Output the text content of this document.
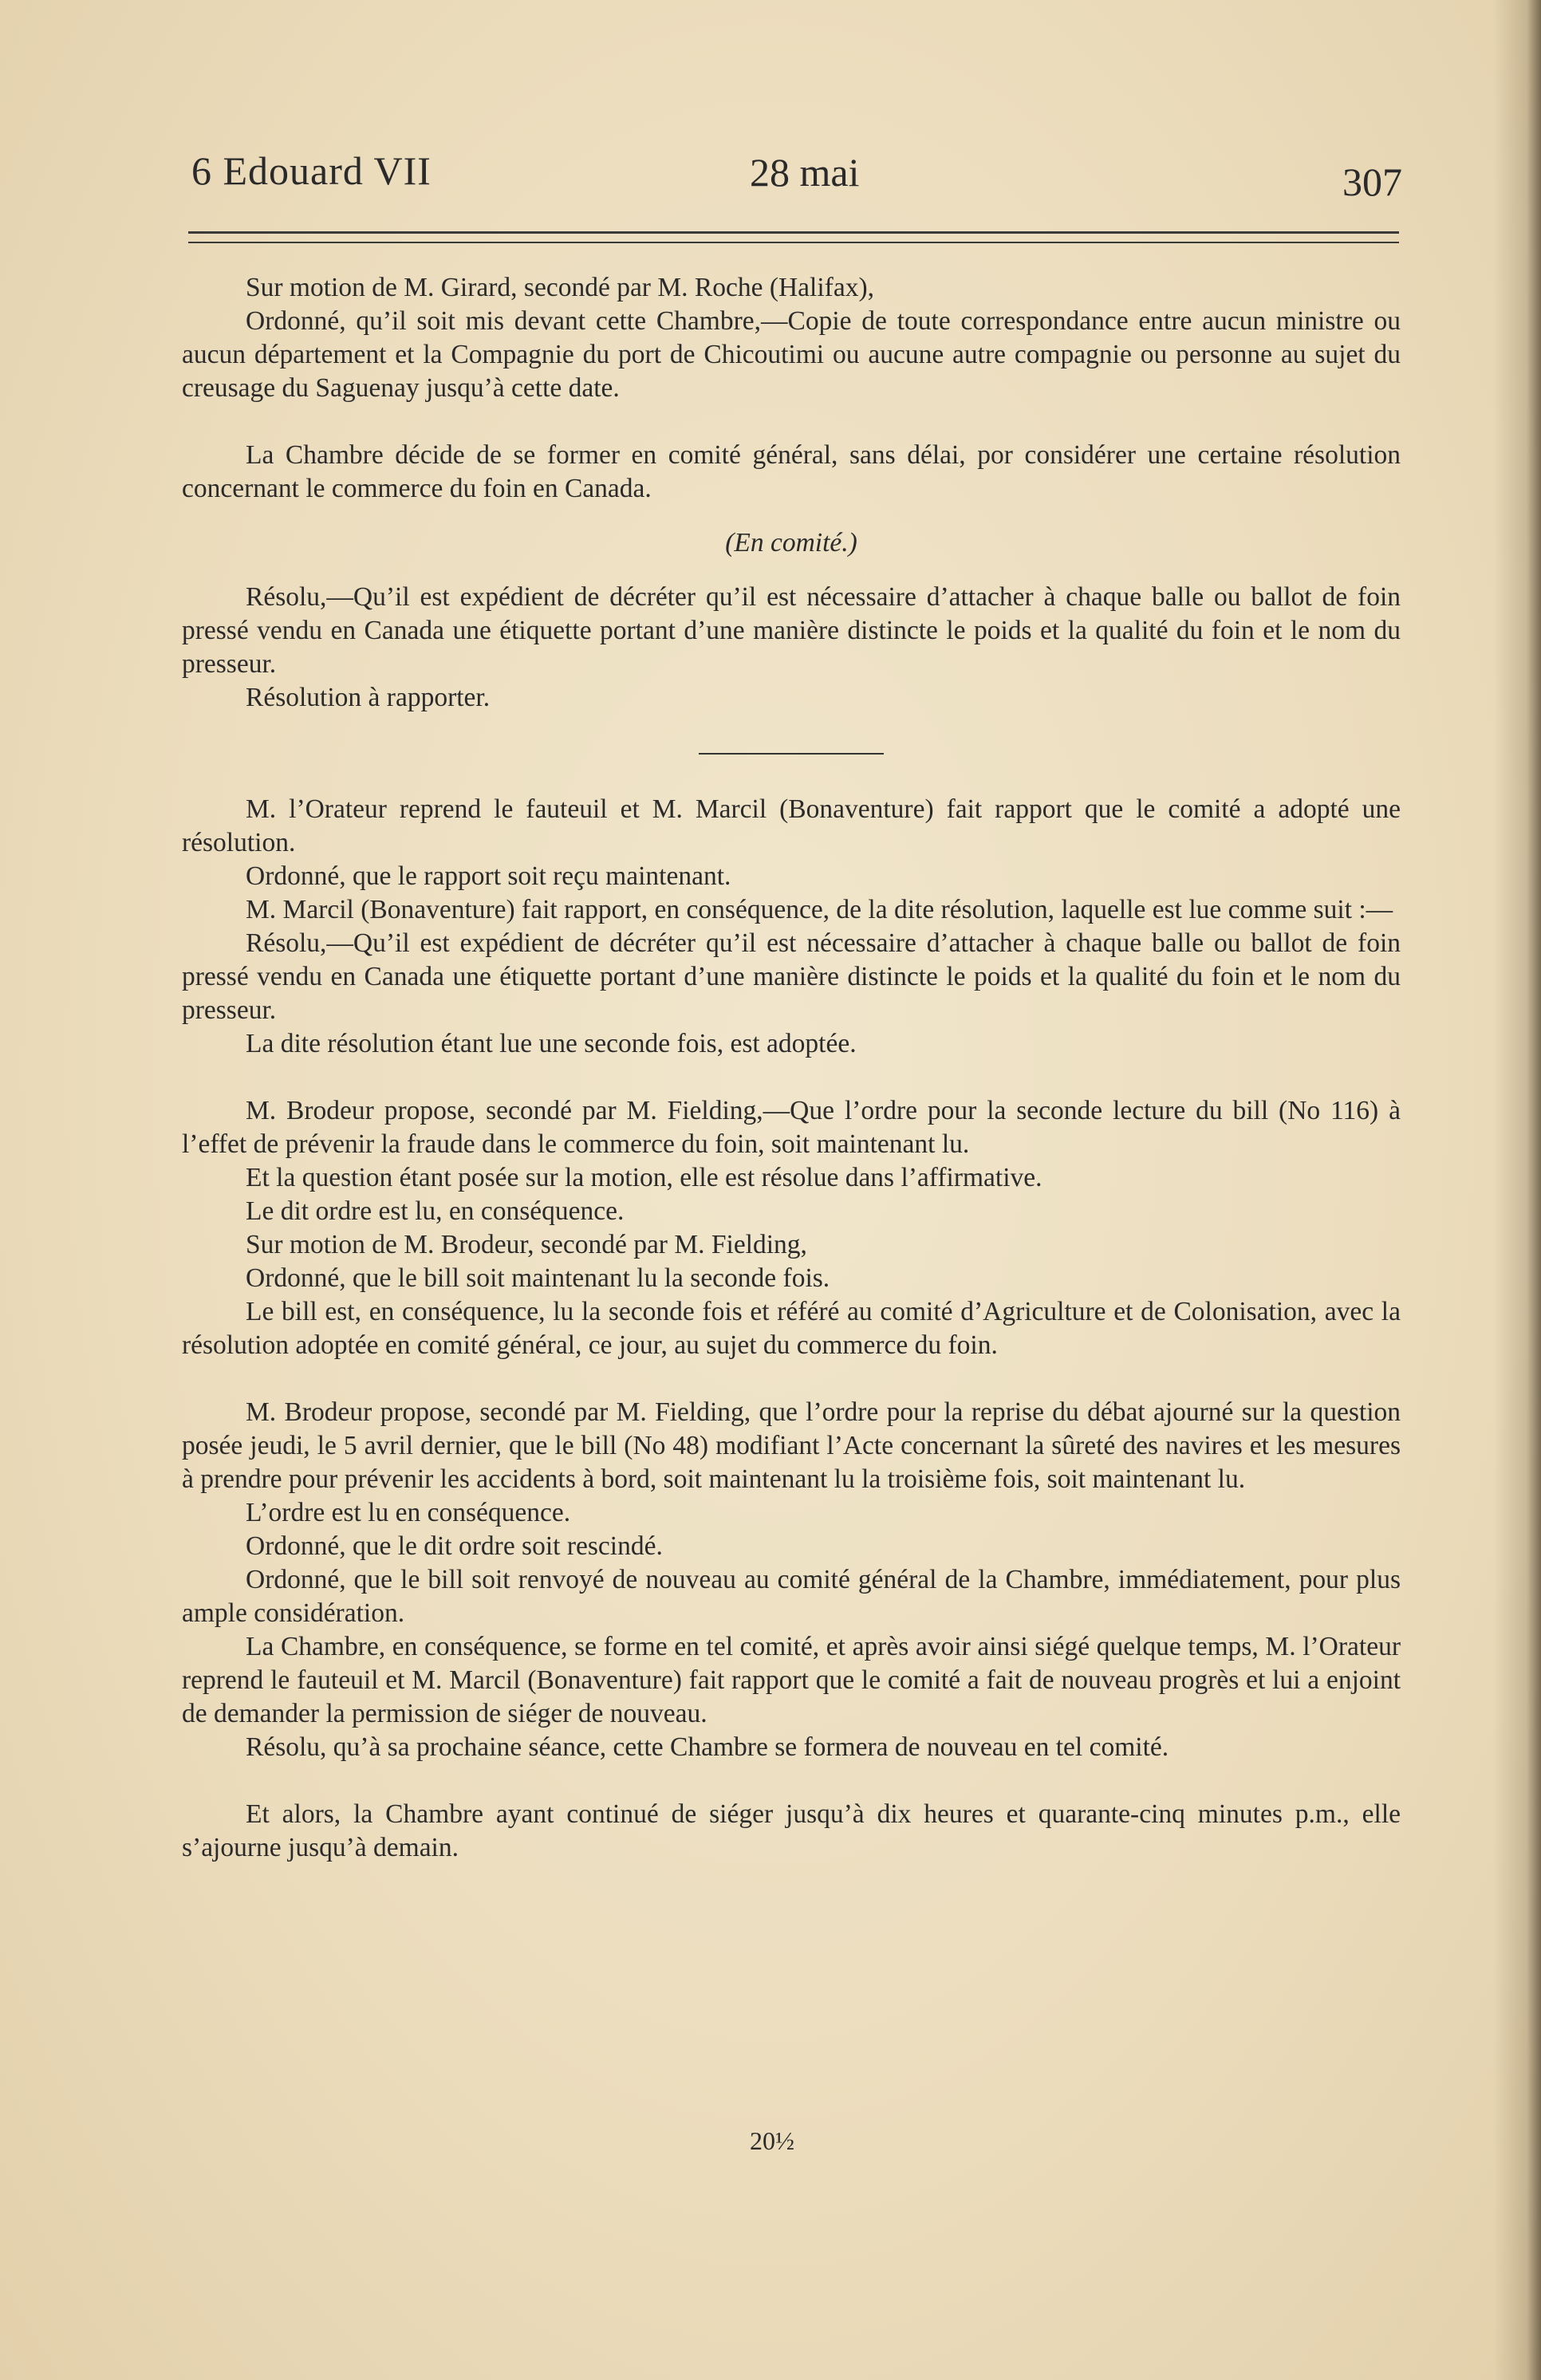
6 Edouard VII	28 mai	307

Sur motion de M. Girard, secondé par M. Roche (Halifax),

Ordonné, qu’il soit mis devant cette Chambre,—Copie de toute correspondance entre aucun ministre ou aucun département et la Compagnie du port de Chicoutimi ou aucune autre compagnie ou personne au sujet du creusage du Saguenay jusqu’à cette date.

La Chambre décide de se former en comité général, sans délai, por considérer une certaine résolution concernant le commerce du foin en Canada.

(En comité.)

Résolu,—Qu’il est expédient de décréter qu’il est nécessaire d’attacher à chaque balle ou ballot de foin pressé vendu en Canada une étiquette portant d’une manière distincte le poids et la qualité du foin et le nom du presseur.

Résolution à rapporter.

M. l’Orateur reprend le fauteuil et M. Marcil (Bonaventure) fait rapport que le comité a adopté une résolution.

Ordonné, que le rapport soit reçu maintenant.

M. Marcil (Bonaventure) fait rapport, en conséquence, de la dite résolution, laquelle est lue comme suit :—

Résolu,—Qu’il est expédient de décréter qu’il est nécessaire d’attacher à chaque balle ou ballot de foin pressé vendu en Canada une étiquette portant d’une manière distincte le poids et la qualité du foin et le nom du presseur.

La dite résolution étant lue une seconde fois, est adoptée.

M. Brodeur propose, secondé par M. Fielding,—Que l’ordre pour la seconde lecture du bill (No 116) à l’effet de prévenir la fraude dans le commerce du foin, soit maintenant lu.

Et la question étant posée sur la motion, elle est résolue dans l’affirmative.

Le dit ordre est lu, en conséquence.

Sur motion de M. Brodeur, secondé par M. Fielding,

Ordonné, que le bill soit maintenant lu la seconde fois.

Le bill est, en conséquence, lu la seconde fois et référé au comité d’Agriculture et de Colonisation, avec la résolution adoptée en comité général, ce jour, au sujet du commerce du foin.

M. Brodeur propose, secondé par M. Fielding, que l’ordre pour la reprise du débat ajourné sur la question posée jeudi, le 5 avril dernier, que le bill (No 48) modifiant l’Acte concernant la sûreté des navires et les mesures à prendre pour prévenir les accidents à bord, soit maintenant lu la troisième fois, soit maintenant lu.

L’ordre est lu en conséquence.

Ordonné, que le dit ordre soit rescindé.

Ordonné, que le bill soit renvoyé de nouveau au comité général de la Chambre, immédiatement, pour plus ample considération.

La Chambre, en conséquence, se forme en tel comité, et après avoir ainsi siégé quelque temps, M. l’Orateur reprend le fauteuil et M. Marcil (Bonaventure) fait rapport que le comité a fait de nouveau progrès et lui a enjoint de demander la permission de siéger de nouveau.

Résolu, qu’à sa prochaine séance, cette Chambre se formera de nouveau en tel comité.

Et alors, la Chambre ayant continué de siéger jusqu’à dix heures et quarante-cinq minutes p.m., elle s’ajourne jusqu’à demain.

20½
